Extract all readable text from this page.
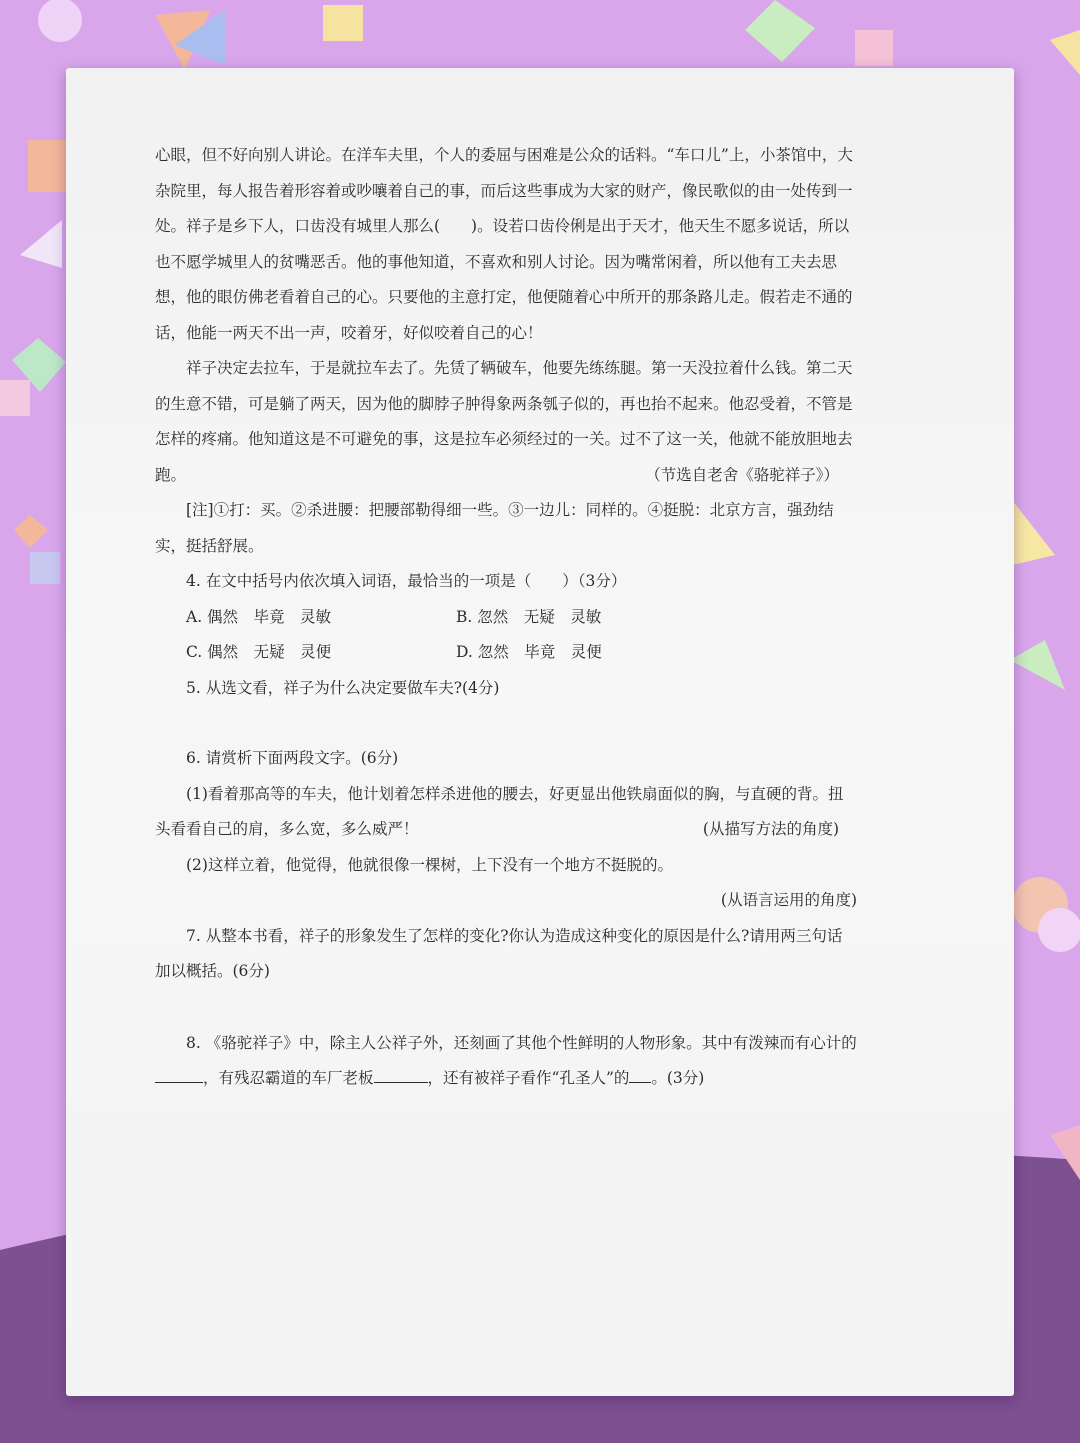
心眼，但不好向别人讲论。在洋车夫里，个人的委屈与困难是公众的话料。“车口儿”上，小茶馆中，大杂院里，每人报告着形容着或吵嚷着自己的事，而后这些事成为大家的财产，像民歌似的由一处传到一处。祥子是乡下人，口齿没有城里人那么(　　)。设若口齿伶俐是出于天才，他天生不愿多说话，所以也不愿学城里人的贫嘴恶舌。他的事他知道，不喜欢和别人讨论。因为嘴常闲着，所以他有工夫去思想，他的眼仿佛老看着自己的心。只要他的主意打定，他便随着心中所开的那条路儿走。假若走不通的话，他能一两天不出一声，咬着牙，好似咬着自己的心！

祥子决定去拉车，于是就拉车去了。先赁了辆破车，他要先练练腿。第一天没拉着什么钱。第二天的生意不错，可是躺了两天，因为他的脚脖子肿得象两条瓠子似的，再也抬不起来。他忍受着，不管是怎样的疼痛。他知道这是不可避免的事，这是拉车必须经过的一关。过不了这一关，他就不能放胆地去跑。	（节选自老舍《骆驼祥子》）

[注]①打：买。②杀进腰：把腰部勒得细一些。③一边儿：同样的。④挺脱：北京方言，强劲结实，挺括舒展。

4. 在文中括号内依次填入词语，最恰当的一项是（　　）（3分）

A. 偶然　毕竟　灵敏	B. 忽然　无疑　灵敏
C. 偶然　无疑　灵便	D. 忽然　毕竟　灵便

5. 从选文看，祥子为什么决定要做车夫?(4分)

6. 请赏析下面两段文字。(6分)

(1)看着那高等的车夫，他计划着怎样杀进他的腰去，好更显出他铁扇面似的胸，与直硬的背。扭头看看自己的肩，多么宽，多么威严！	(从描写方法的角度)

(2)这样立着，他觉得，他就很像一棵树，上下没有一个地方不挺脱的。

(从语言运用的角度)

7. 从整本书看，祥子的形象发生了怎样的变化?你认为造成这种变化的原因是什么?请用两三句话加以概括。(6分)

8. 《骆驼祥子》中，除主人公祥子外，还刻画了其他个性鲜明的人物形象。其中有泼辣而有心计的，有残忍霸道的车厂老板	，还有被祥子看作“孔圣人”的 。(3分)
